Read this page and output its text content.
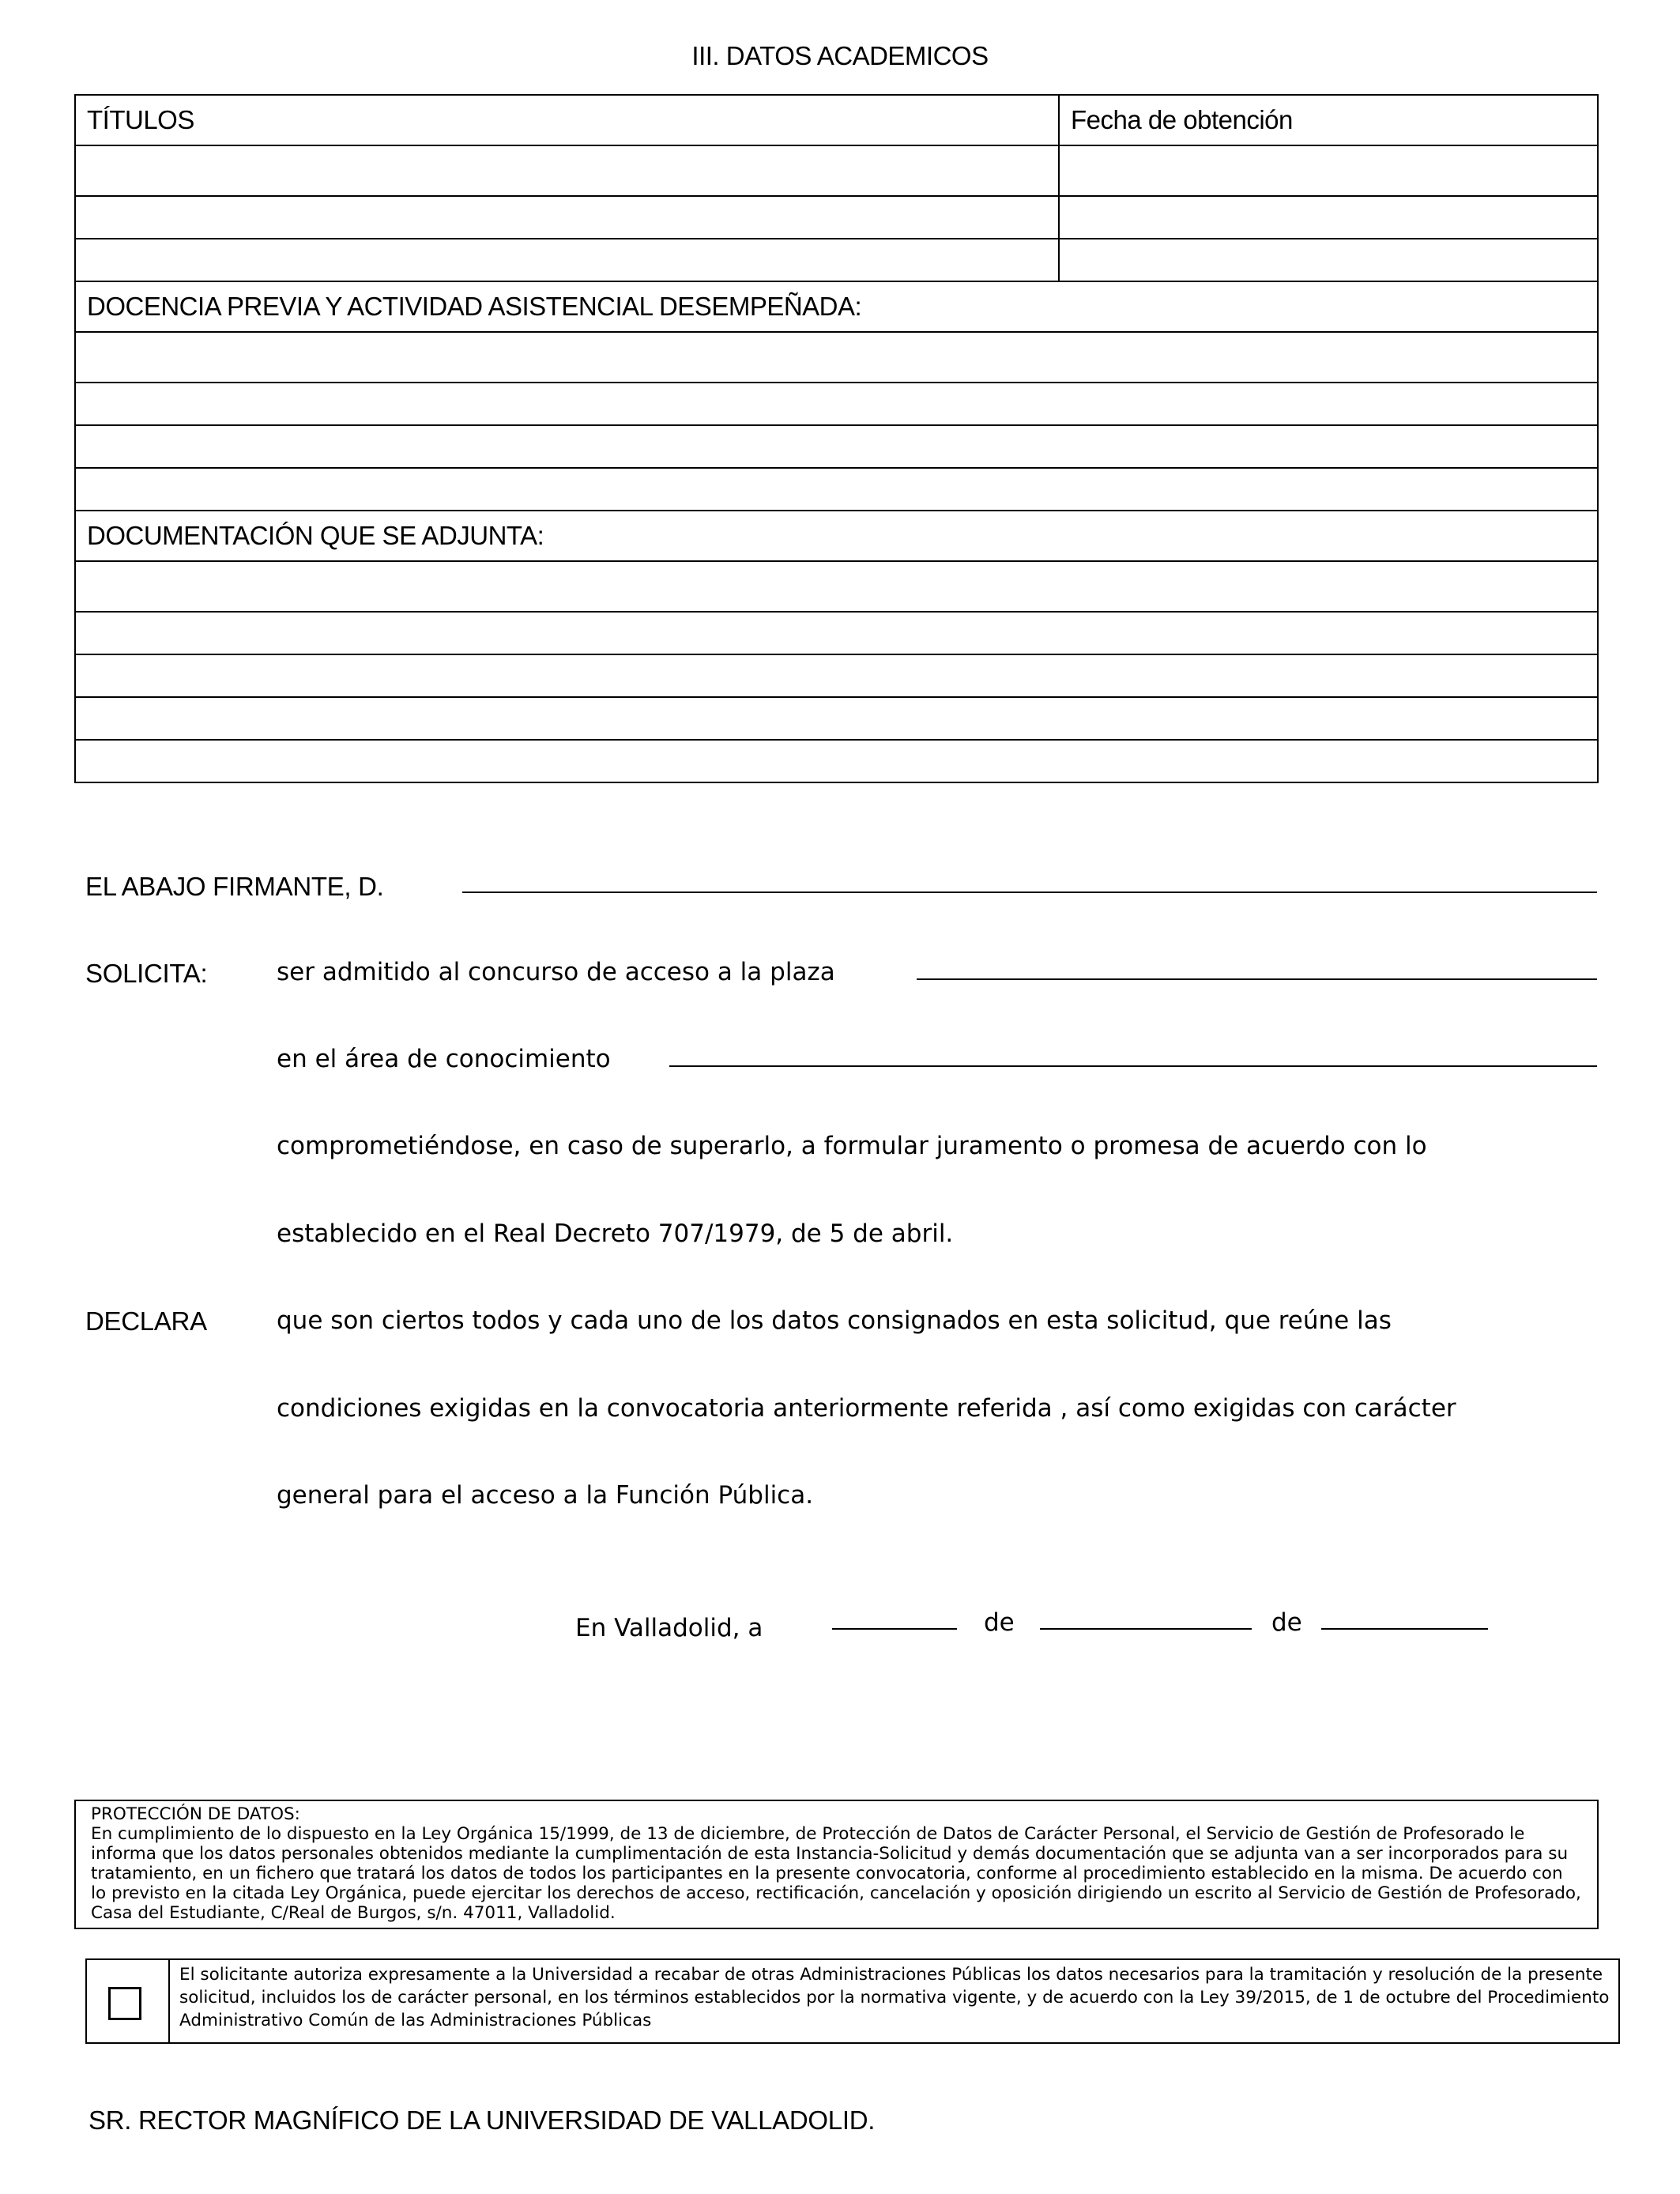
III. DATOS ACADEMICOS
TÍTULOS	Fecha de obtención

DOCENCIA PREVIA Y ACTIVIDAD ASISTENCIAL DESEMPEÑADA:	

DOCUMENTACIÓN QUE SE ADJUNTA:	

EL ABAJO FIRMANTE, D.
SOLICITA:	ser admitido al concurso de acceso a la plaza
en el área de conocimiento
comprometiéndose, en caso de superarlo, a formular juramento o promesa de acuerdo con lo
establecido en el Real Decreto 707/1979, de 5 de abril.
DECLARA	que son ciertos todos y cada uno de los datos consignados en esta solicitud, que reúne las
condiciones exigidas en la convocatoria anteriormente referida , así como exigidas con carácter
general para el acceso a la Función Pública.
En Valladolid, a	de	de
PROTECCIÓN DE DATOS:
En cumplimiento de lo dispuesto en la Ley Orgánica 15/1999, de 13 de diciembre, de Protección de Datos de Carácter Personal, el Servicio de Gestión de Profesorado le
informa que los datos personales obtenidos mediante la cumplimentación de esta Instancia-Solicitud y demás documentación que se adjunta van a ser incorporados para su
tratamiento, en un fichero que tratará los datos de todos los participantes en la presente convocatoria, conforme al procedimiento establecido en la misma. De acuerdo con
lo previsto en la citada Ley Orgánica, puede ejercitar los derechos de acceso, rectificación, cancelación y oposición dirigiendo un escrito al Servicio de Gestión de Profesorado,
Casa del Estudiante, C/Real de Burgos, s/n. 47011, Valladolid.
El solicitante autoriza expresamente a la Universidad a recabar de otras Administraciones Públicas los datos necesarios para la tramitación y resolución de la presente
solicitud, incluidos los de carácter personal, en los términos establecidos por la normativa vigente, y de acuerdo con la Ley 39/2015, de 1 de octubre del Procedimiento
Administrativo Común de las Administraciones Públicas
SR. RECTOR MAGNÍFICO DE LA UNIVERSIDAD DE VALLADOLID.
